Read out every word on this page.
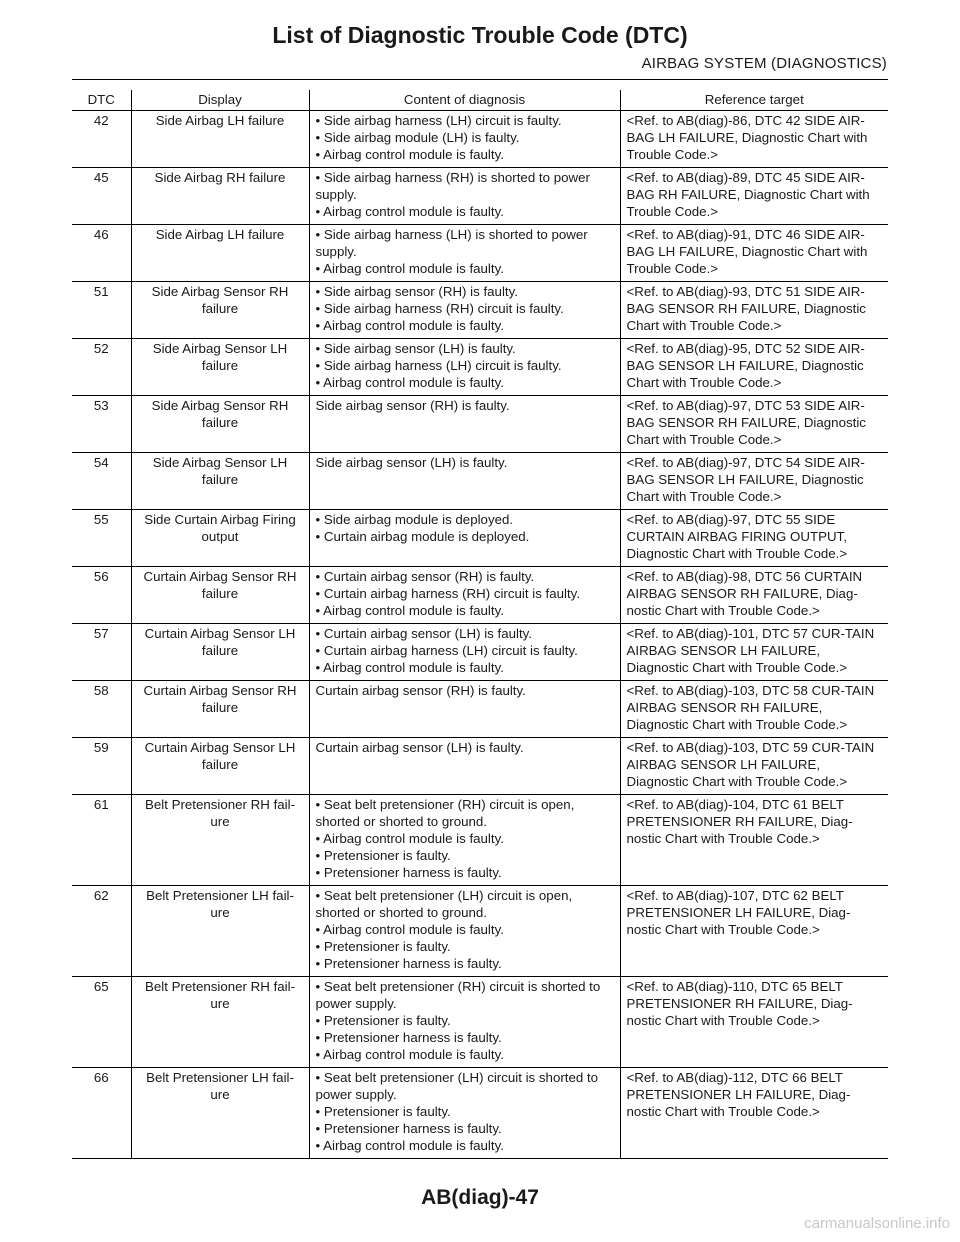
List of Diagnostic Trouble Code (DTC)
AIRBAG SYSTEM (DIAGNOSTICS)
DTC	Display	Content of diagnosis	Reference target
42	Side Airbag LH failure	• Side airbag harness (LH) circuit is faulty.
• Side airbag module (LH) is faulty.
• Airbag control module is faulty.	<Ref. to AB(diag)-86, DTC 42 SIDE AIR-BAG LH FAILURE, Diagnostic Chart with Trouble Code.>
45	Side Airbag RH failure	• Side airbag harness (RH) is shorted to power supply.
• Airbag control module is faulty.	<Ref. to AB(diag)-89, DTC 45 SIDE AIR-BAG RH FAILURE, Diagnostic Chart with Trouble Code.>
46	Side Airbag LH failure	• Side airbag harness (LH) is shorted to power supply.
• Airbag control module is faulty.	<Ref. to AB(diag)-91, DTC 46 SIDE AIR-BAG LH FAILURE, Diagnostic Chart with Trouble Code.>
51	Side Airbag Sensor RH failure	• Side airbag sensor (RH) is faulty.
• Side airbag harness (RH) circuit is faulty.
• Airbag control module is faulty.	<Ref. to AB(diag)-93, DTC 51 SIDE AIR-BAG SENSOR RH FAILURE, Diagnostic Chart with Trouble Code.>
52	Side Airbag Sensor LH failure	• Side airbag sensor (LH) is faulty.
• Side airbag harness (LH) circuit is faulty.
• Airbag control module is faulty.	<Ref. to AB(diag)-95, DTC 52 SIDE AIR-BAG SENSOR LH FAILURE, Diagnostic Chart with Trouble Code.>
53	Side Airbag Sensor RH failure	Side airbag sensor (RH) is faulty.	<Ref. to AB(diag)-97, DTC 53 SIDE AIR-BAG SENSOR RH FAILURE, Diagnostic Chart with Trouble Code.>
54	Side Airbag Sensor LH failure	Side airbag sensor (LH) is faulty.	<Ref. to AB(diag)-97, DTC 54 SIDE AIR-BAG SENSOR LH FAILURE, Diagnostic Chart with Trouble Code.>
55	Side Curtain Airbag Firing output	• Side airbag module is deployed.
• Curtain airbag module is deployed.	<Ref. to AB(diag)-97, DTC 55 SIDE CURTAIN AIRBAG FIRING OUTPUT, Diagnostic Chart with Trouble Code.>
56	Curtain Airbag Sensor RH failure	• Curtain airbag sensor (RH) is faulty.
• Curtain airbag harness (RH) circuit is faulty.
• Airbag control module is faulty.	<Ref. to AB(diag)-98, DTC 56 CURTAIN AIRBAG SENSOR RH FAILURE, Diag-nostic Chart with Trouble Code.>
57	Curtain Airbag Sensor LH failure	• Curtain airbag sensor (LH) is faulty.
• Curtain airbag harness (LH) circuit is faulty.
• Airbag control module is faulty.	<Ref. to AB(diag)-101, DTC 57 CUR-TAIN AIRBAG SENSOR LH FAILURE, Diagnostic Chart with Trouble Code.>
58	Curtain Airbag Sensor RH failure	Curtain airbag sensor (RH) is faulty.	<Ref. to AB(diag)-103, DTC 58 CUR-TAIN AIRBAG SENSOR RH FAILURE, Diagnostic Chart with Trouble Code.>
59	Curtain Airbag Sensor LH failure	Curtain airbag sensor (LH) is faulty.	<Ref. to AB(diag)-103, DTC 59 CUR-TAIN AIRBAG SENSOR LH FAILURE, Diagnostic Chart with Trouble Code.>
61	Belt Pretensioner RH fail-ure	• Seat belt pretensioner (RH) circuit is open, shorted or shorted to ground.
• Airbag control module is faulty.
• Pretensioner is faulty.
• Pretensioner harness is faulty.	<Ref. to AB(diag)-104, DTC 61 BELT PRETENSIONER RH FAILURE, Diag-nostic Chart with Trouble Code.>
62	Belt Pretensioner LH fail-ure	• Seat belt pretensioner (LH) circuit is open, shorted or shorted to ground.
• Airbag control module is faulty.
• Pretensioner is faulty.
• Pretensioner harness is faulty.	<Ref. to AB(diag)-107, DTC 62 BELT PRETENSIONER LH FAILURE, Diag-nostic Chart with Trouble Code.>
65	Belt Pretensioner RH fail-ure	• Seat belt pretensioner (RH) circuit is shorted to power supply.
• Pretensioner is faulty.
• Pretensioner harness is faulty.
• Airbag control module is faulty.	<Ref. to AB(diag)-110, DTC 65 BELT PRETENSIONER RH FAILURE, Diag-nostic Chart with Trouble Code.>
66	Belt Pretensioner LH fail-ure	• Seat belt pretensioner (LH) circuit is shorted to power supply.
• Pretensioner is faulty.
• Pretensioner harness is faulty.
• Airbag control module is faulty.	<Ref. to AB(diag)-112, DTC 66 BELT PRETENSIONER LH FAILURE, Diag-nostic Chart with Trouble Code.>
AB(diag)-47
carmanualsonline.info
